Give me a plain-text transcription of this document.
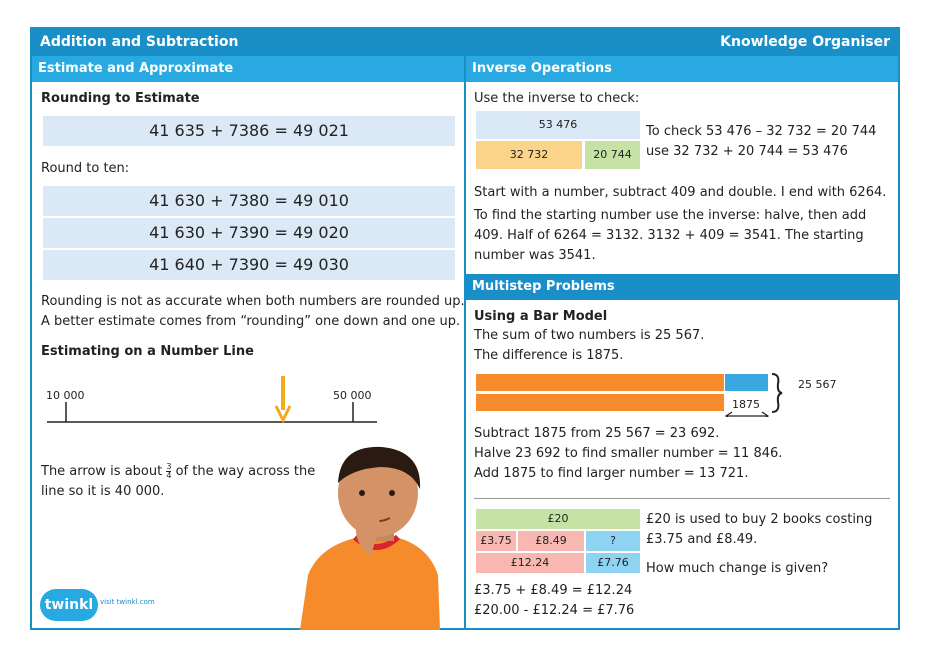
Addition and Subtraction	Knowledge Organiser
Estimate and Approximate
Rounding to Estimate
41 635 + 7386 = 49 021
Round to ten:
41 630 + 7380 = 49 010
41 630 + 7390 = 49 020
41 640 + 7390 = 49 030
Rounding is not as accurate when both numbers are rounded up.
A better estimate comes from “rounding” one down and one up.
Estimating on a Number Line
10 000	50 000
The arrow is about $\frac{3}{4}$ of the way across the
line so it is 40 000.
twinkl visit twinkl.com
Inverse Operations
Use the inverse to check:
53 476
32 732	20 744
To check 53 476 – 32 732 = 20 744
use 32 732 + 20 744 = 53 476
Start with a number, subtract 409 and double. I end with 6264.
To find the starting number use the inverse: halve, then add
409. Half of 6264 = 3132. 3132 + 409 = 3541. The starting
number was 3541.
Multistep Problems
Using a Bar Model
The sum of two numbers is 25 567.
The difference is 1875.
25 567
1875
Subtract 1875 from 25 567 = 23 692.
Halve 23 692 to find smaller number = 11 846.
Add 1875 to find larger number = 13 721.
£20
£3.75	£8.49	?
£12.24	£7.76
£20 is used to buy 2 books costing
£3.75 and £8.49.
How much change is given?
£3.75 + £8.49 = £12.24
£20.00 - £12.24 = £7.76
